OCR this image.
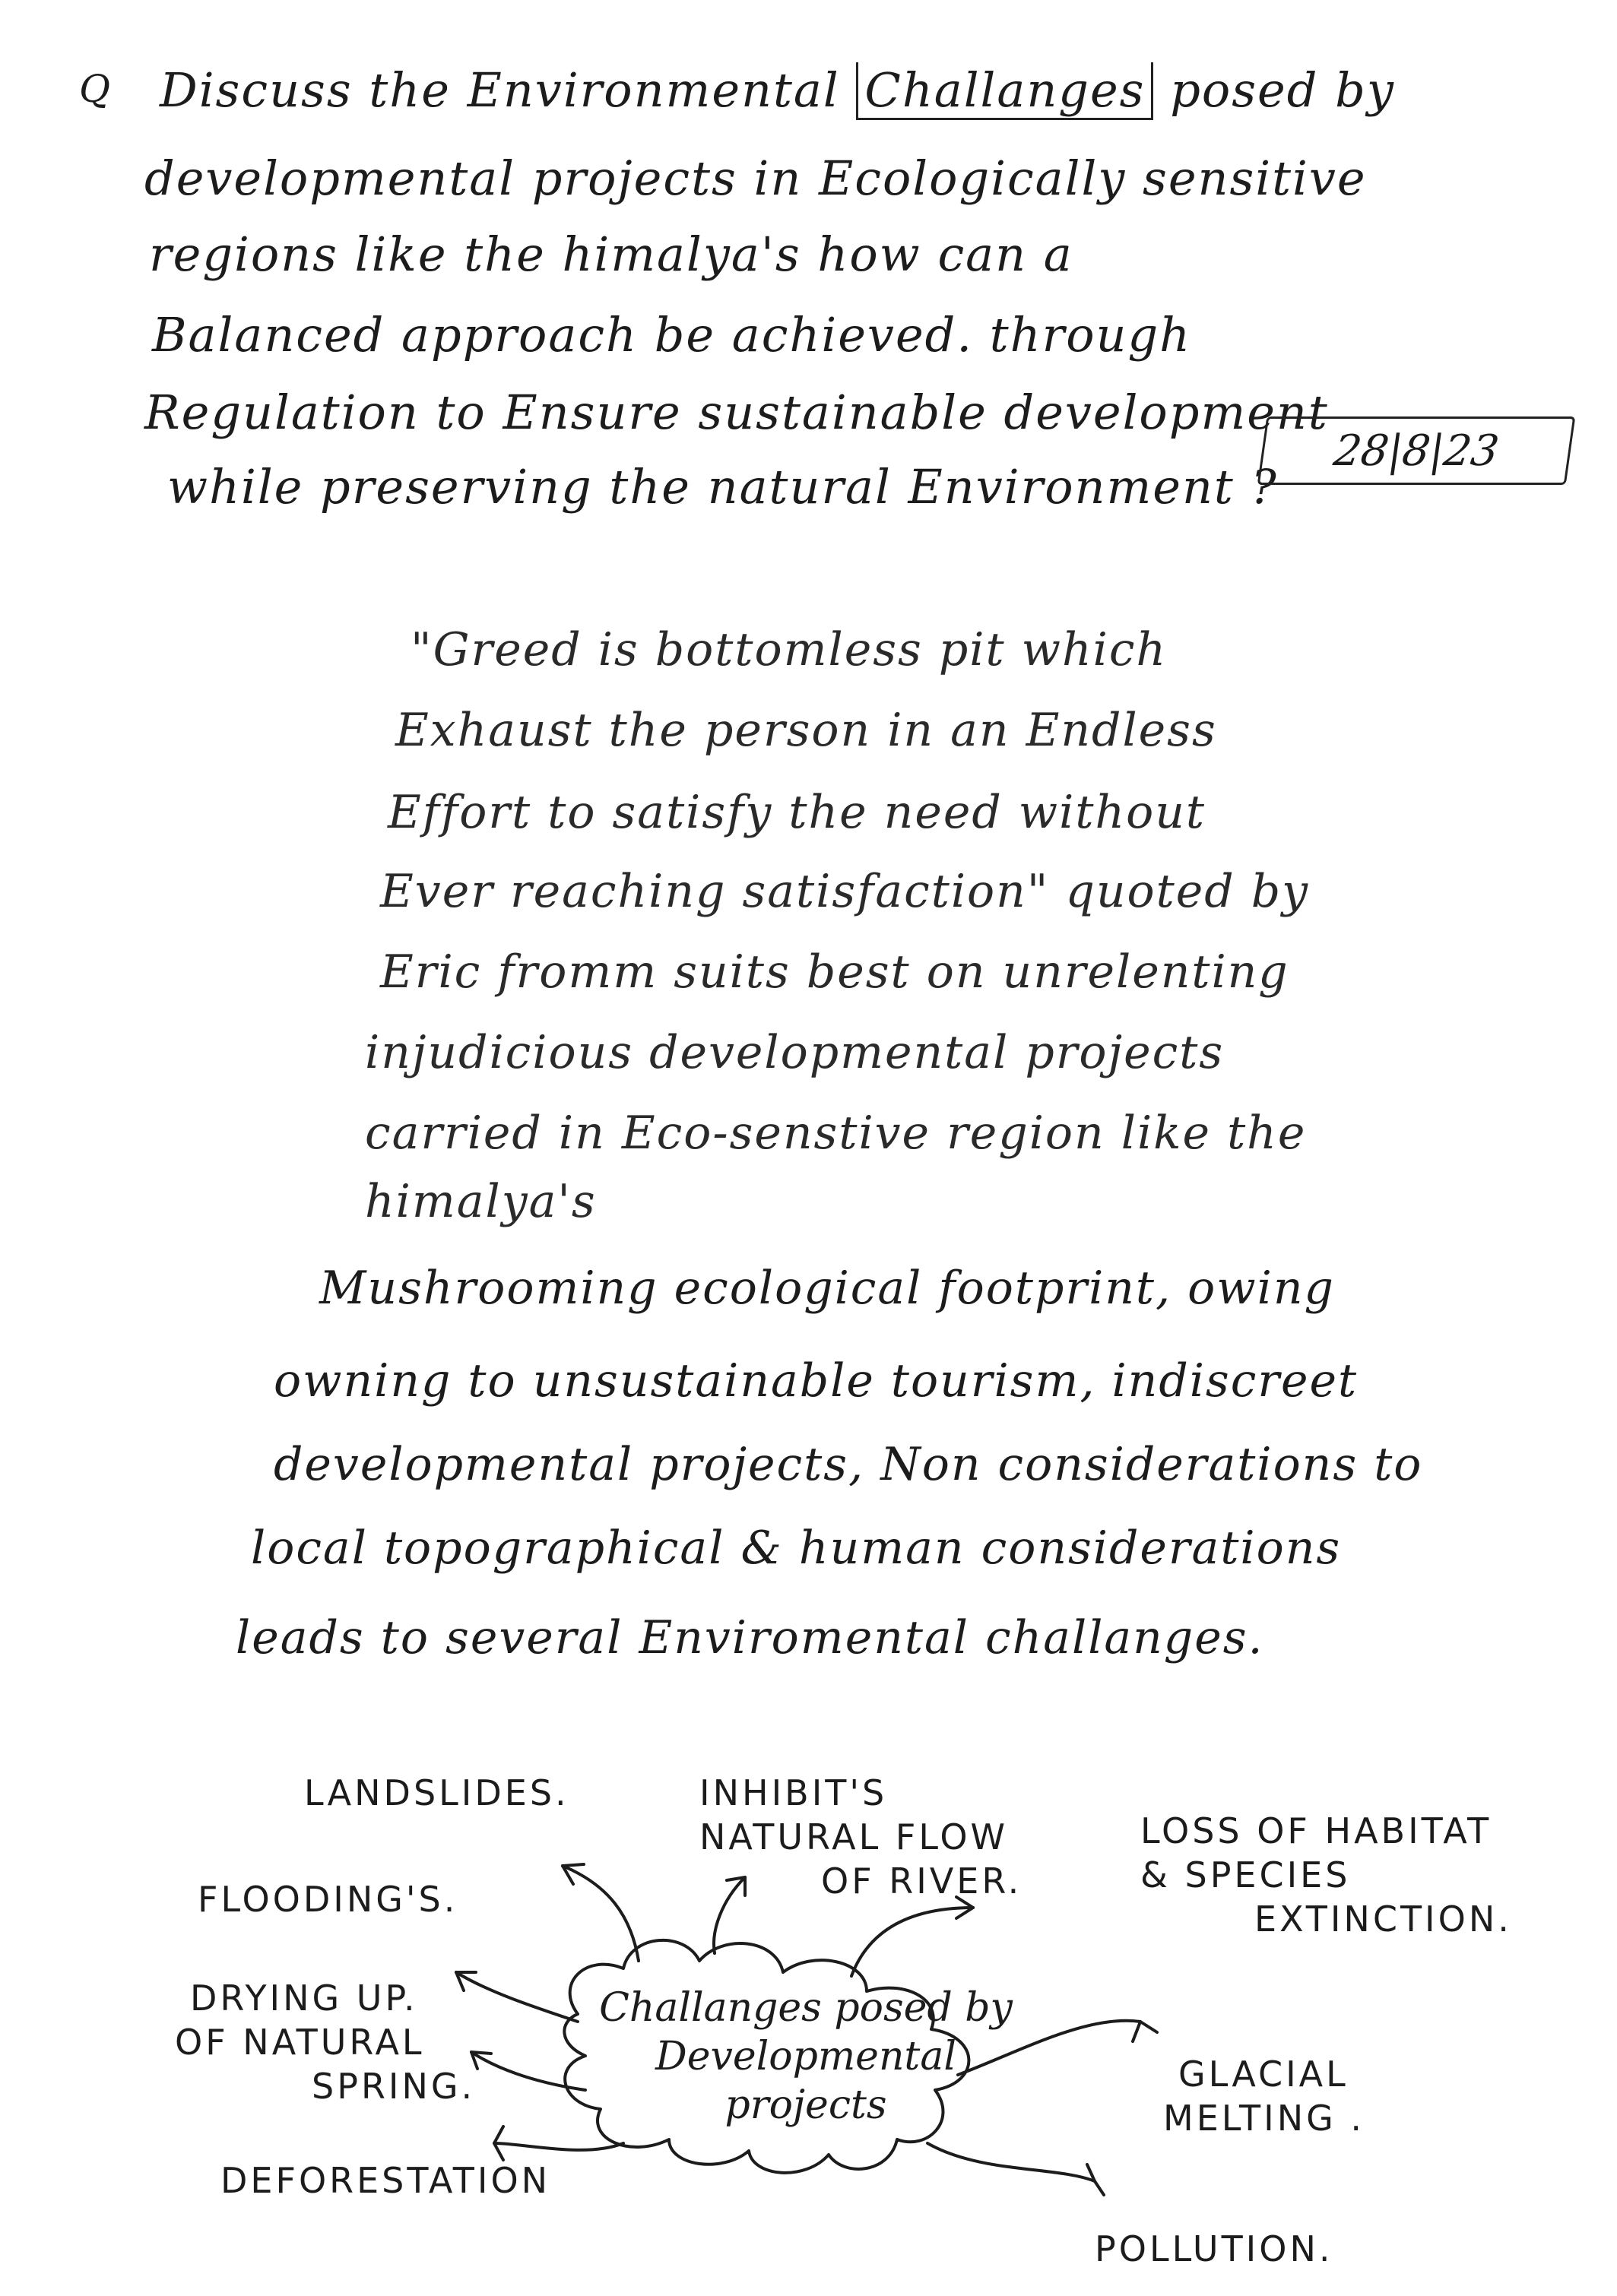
Q Discuss the Environmental Challanges posed by
developmental projects in Ecologically sensitive
regions like the himalya's how can a
Balanced approach be achieved. through
Regulation to Ensure sustainable development
while preserving the natural Environment ?
28|8|23
"Greed is bottomless pit which
Exhaust the person in an Endless
Effort to satisfy the need without
Ever reaching satisfaction" quoted by
Eric fromm suits best on unrelenting
injudicious developmental projects
carried in Eco-senstive region like the
himalya's
Mushrooming ecological footprint, owing
owning to unsustainable tourism, indiscreet
developmental projects, Non considerations to
local topographical & human considerations
leads to several Enviromental challanges.
Challanges posed by
Developmental
projects
LANDSLIDES.	INHIBIT'S
NATURAL FLOW
OF RIVER.
LOSS OF HABITAT
& SPECIES
EXTINCTION.
FLOODING'S.
DRYING UP.
OF NATURAL
SPRING.	GLACIAL
MELTING .
DEFORESTATION
POLLUTION.
